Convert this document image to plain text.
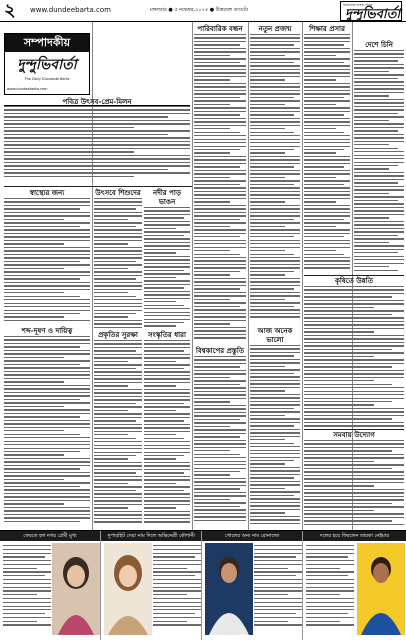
২ www.dundeebarta.com	মঙ্গলবার ● ৫ নভেম্বর,২০২৪ ● উত্তরবঙ্গ ডায়েরি
উত্তরবঙ্গের নিজস্ব দৈনিক
দুন্দুভিবার্তা
সম্পাদকীয়
দুন্দুভিবার্তা
The Daily Dundoobi Barta
www.dundeebarta.com
পবিত্র উৎসব-প্রেম-মিলন
স্বাস্থ্যের জন্য
শব্দ-দূষণ ও দায়িত্ব
উৎসবে শিশুদের
প্রকৃতির সুরক্ষা
নদীর পাড় ভাঙন
সংস্কৃতির ধারা
পারিবারিক বন্ধন
বিশ্বকাপের প্রস্তুতি
নতুন প্রজন্ম
আজ অনেক ভালো
শিক্ষার প্রসার
দেশে চিনি
কৃষিতে উন্নতি
সমবায় উদ্যোগ
ফেরতে হল নগর প্রেমী মুখ্য	সুপারহিট সেরা নাম দিলে অভিনেত্রী কৌশানী	গোলের অন্য নাম রোনাল্ডো	দলের হয়ে ফিরলেন তারকা নেইমার
